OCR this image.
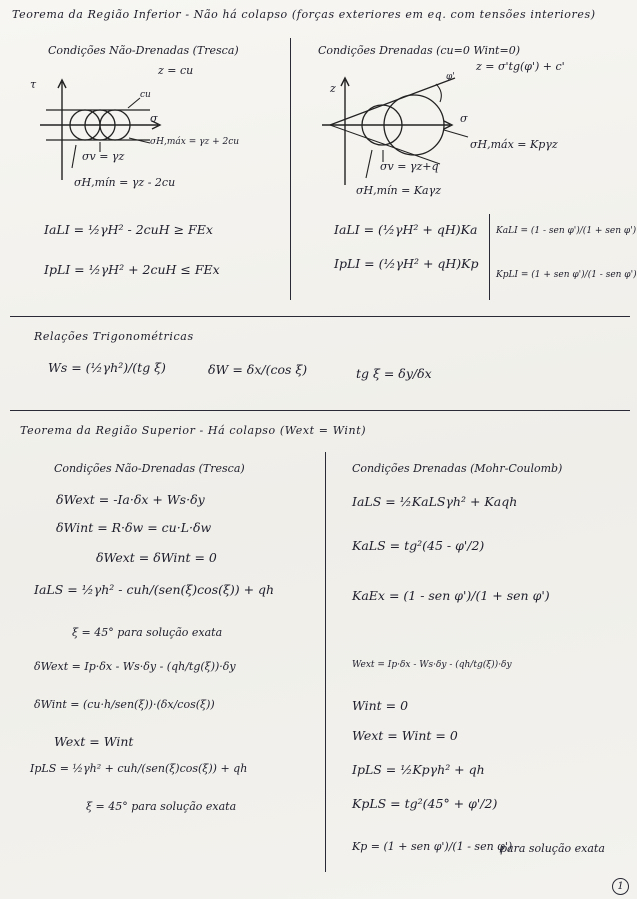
Teorema da Região Inferior - Não há colapso (forças exteriores em eq. com tensões interiores)
Condições Não-Drenadas (Tresca)
z = cu
τ
σ
cu
σH,máx = γz + 2cu
σv = γz
σH,mín = γz - 2cu
IaLI = ½γH² - 2cuH ≥ FEx
IpLI = ½γH² + 2cuH ≤ FEx
Condições Drenadas (cu=0 Wint=0)
z = σ'tg(φ') + c'
z
σ
φ'
σH,máx = Kpγz
σv = γz+q
σH,mín = Kaγz
IaLI = (½γH² + qH)Ka
IpLI = (½γH² + qH)Kp
KaLI = (1 - sen φ')/(1 + sen φ')
KpLI = (1 + sen φ')/(1 - sen φ')
Relações Trigonométricas
Ws = (½γh²)/(tg ξ)	δW = δx/(cos ξ)	tg ξ = δy/δx
Teorema da Região Superior - Há colapso (Wext = Wint)
Condições Não-Drenadas (Tresca)
δWext = -Ia·δx + Ws·δy
δWint = R·δw = cu·L·δw
δWext = δWint = 0
IaLS = ½γh² - cuh/(sen(ξ)cos(ξ)) + qh
ξ = 45° para solução exata
δWext = Ip·δx - Ws·δy - (qh/tg(ξ))·δy
δWint = (cu·h/sen(ξ))·(δx/cos(ξ))
Wext = Wint
IpLS = ½γh² + cuh/(sen(ξ)cos(ξ)) + qh
ξ = 45° para solução exata
Condições Drenadas (Mohr-Coulomb)
IaLS = ½KaLSγh² + Kaqh
KaLS = tg²(45 - φ'/2)
KaEx = (1 - sen φ')/(1 + sen φ')
Wext = Ip·δx - Ws·δy - (qh/tg(ξ))·δy
Wint = 0
Wext = Wint = 0
IpLS = ½Kpγh² + qh
KpLS = tg²(45° + φ'/2)
Kp = (1 + sen φ')/(1 - sen φ')
para solução exata
1
